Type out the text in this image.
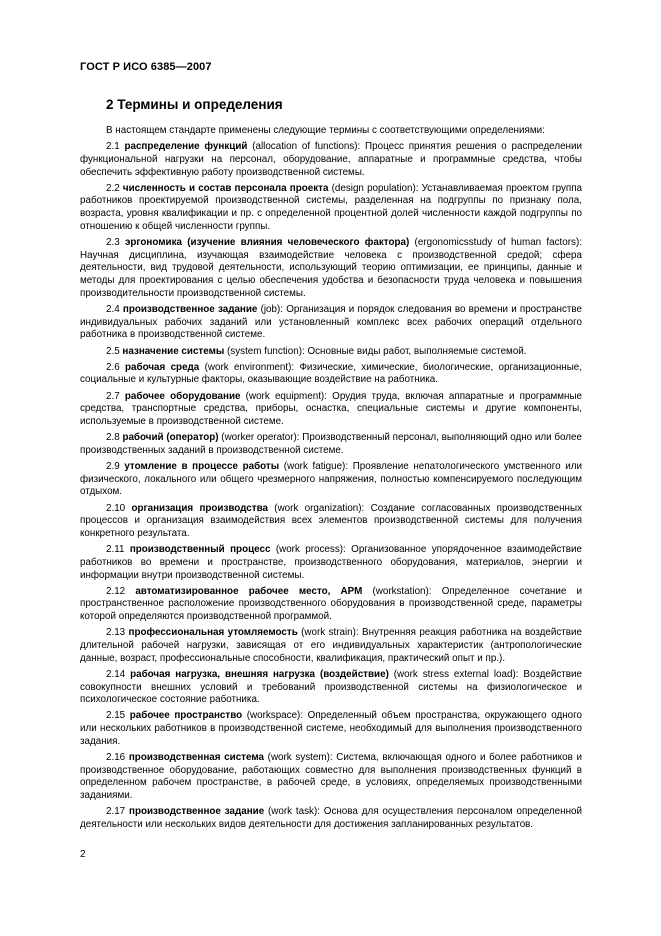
ГОСТ Р ИСО 6385—2007
2 Термины и определения

В настоящем стандарте применены следующие термины с соответствующими определениями:

2.1 распределение функций (allocation of functions): Процесс принятия решения о распределении функциональной нагрузки на персонал, оборудование, аппаратные и программные средства, чтобы обеспечить эффективную работу производственной системы.

2.2 численность и состав персонала проекта (design population): Устанавливаемая проектом группа работников проектируемой производственной системы, разделенная на подгруппы по признаку пола, возраста, уровня квалификации и пр. с определенной процентной долей численности каждой подгруппы по отношению к общей численности группы.

2.3 эргономика (изучение влияния человеческого фактора) (ergonomicsstudy of human factors): Научная дисциплина, изучающая взаимодействие человека с производственной средой; сфера деятельности, вид трудовой деятельности, использующий теорию оптимизации, ее принципы, данные и методы для проектирования с целью обеспечения удобства и безопасности труда человека и повышения производительности производственной системы.

2.4 производственное задание (job): Организация и порядок следования во времени и пространстве индивидуальных рабочих заданий или установленный комплекс всех рабочих операций отдельного работника в производственной системе.

2.5 назначение системы (system function): Основные виды работ, выполняемые системой.

2.6 рабочая среда (work environment): Физические, химические, биологические, организационные, социальные и культурные факторы, оказывающие воздействие на работника.

2.7 рабочее оборудование (work equipment): Орудия труда, включая аппаратные и программные средства, транспортные средства, приборы, оснастка, специальные системы и другие компоненты, используемые в производственной системе.

2.8 рабочий (оператор) (worker operator): Производственный персонал, выполняющий одно или более производственных заданий в производственной системе.

2.9 утомление в процессе работы (work fatigue): Проявление непатологического умственного или физического, локального или общего чрезмерного напряжения, полностью компенсируемого последующим отдыхом.

2.10 организация производства (work organization): Создание согласованных производственных процессов и организация взаимодействия всех элементов производственной системы для получения конкретного результата.

2.11 производственный процесс (work process): Организованное упорядоченное взаимодействие работников во времени и пространстве, производственного оборудования, материалов, энергии и информации внутри производственной системы.

2.12 автоматизированное рабочее место, АРМ (workstation): Определенное сочетание и пространственное расположение производственного оборудования в производственной среде, параметры которой определяются производственной программой.

2.13 профессиональная утомляемость (work strain): Внутренняя реакция работника на воздействие длительной рабочей нагрузки, зависящая от его индивидуальных характеристик (антропологические данные, возраст, профессиональные способности, квалификация, практический опыт и пр.).

2.14 рабочая нагрузка, внешняя нагрузка (воздействие) (work stress external load): Воздействие совокупности внешних условий и требований производственной системы на физиологическое и психологическое состояние работника.

2.15 рабочее пространство (workspace): Определенный объем пространства, окружающего одного или нескольких работников в производственной системе, необходимый для выполнения производственного задания.

2.16 производственная система (work system): Система, включающая одного и более работников и производственное оборудование, работающих совместно для выполнения производственных функций в определенном рабочем пространстве, в рабочей среде, в условиях, определяемых производственными заданиями.

2.17 производственное задание (work task): Основа для осуществления персоналом определенной деятельности или нескольких видов деятельности для достижения запланированных результатов.

2
